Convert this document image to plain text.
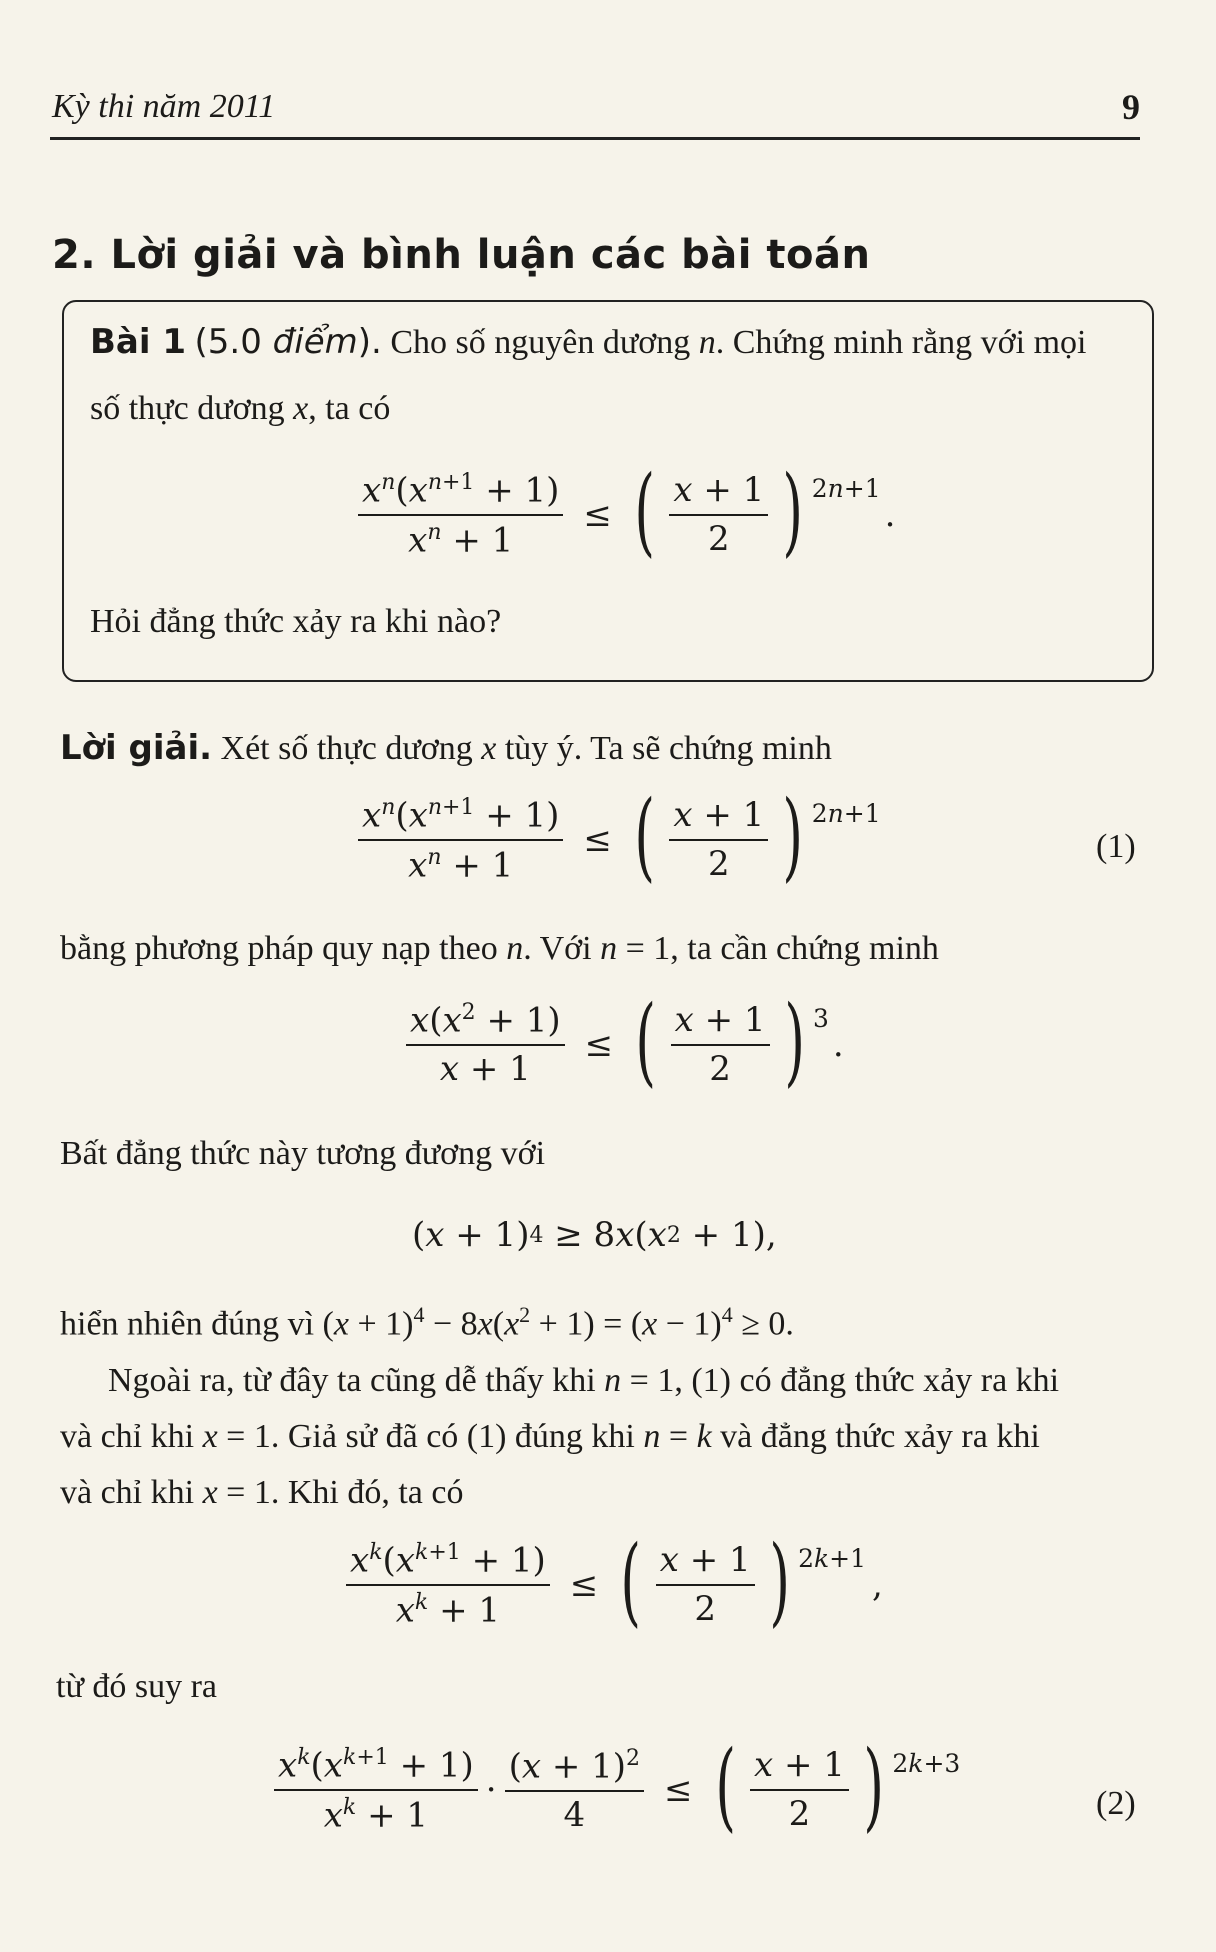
Kỳ thi năm 2011	9
2. Lời giải và bình luận các bài toán
Bài 1 (5.0 điểm). Cho số nguyên dương n. Chứng minh rằng với mọi
số thực dương x, ta có
$\frac{x^n(x^{n+1} + 1)}{x^n + 1}$ ≤ ( $\frac{x + 1}{2}$ ) 2n+1
.
Hỏi đẳng thức xảy ra khi nào?
Lời giải. Xét số thực dương x tùy ý. Ta sẽ chứng minh
$\frac{x^n(x^{n+1} + 1)}{x^n + 1}$ ≤ ( $\frac{x + 1}{2}$ ) 2n+1
(1)
bằng phương pháp quy nạp theo n. Với n = 1, ta cần chứng minh
$\frac{x(x^2 + 1)}{x + 1}$ ≤ ( $\frac{x + 1}{2}$ ) 3
.
Bất đẳng thức này tương đương với
( x + 1) 4 ≥ 8 x ( x 2 + 1),
hiển nhiên đúng vì $(x + 1)^4 - 8x(x^2 + 1) = (x - 1)^4 \ge 0$.
Ngoài ra, từ đây ta cũng dễ thấy khi n = 1, (1) có đẳng thức xảy ra khi
và chỉ khi x = 1. Giả sử đã có (1) đúng khi n = k và đẳng thức xảy ra khi
và chỉ khi x = 1. Khi đó, ta có
$\frac{x^k(x^{k+1} + 1)}{x^k + 1}$ ≤ ( $\frac{x + 1}{2}$ ) 2k+1
,
từ đó suy ra
$\frac{x^k(x^{k+1} + 1)}{x^k + 1} \cdot \frac{(x + 1)^2}{4}$ ≤ ( $\frac{x + 1}{2}$ ) 2k+3
(2)
